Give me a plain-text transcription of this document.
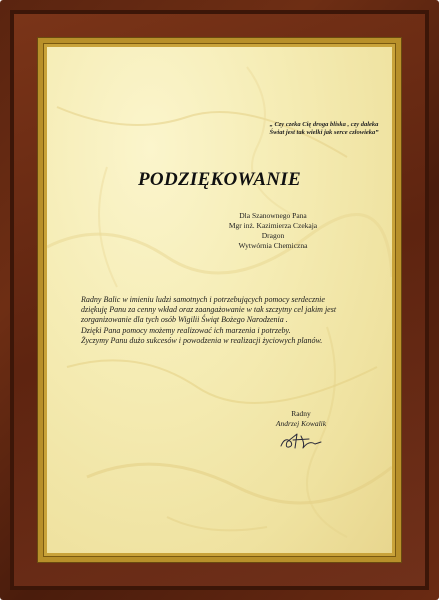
„ Czy czeka Cię droga bliska , czy daleka
Świat jest tak wielki jak serce człowieka”
PODZIĘKOWANIE
Dla Szanownego Pana
Mgr inż. Kazimierza Czekaja
Dragon
Wytwórnia Chemiczna
Radny Balic w imieniu ludzi samotnych i potrzebujących pomocy serdecznie
dziękuję Panu za cenny wkład oraz zaangażowanie w tak szczytny cel jakim jest
zorganizowanie dla tych osób Wigilii Świąt Bożego Narodzenia .
Dzięki Pana pomocy możemy realizować ich marzenia i potrzeby.
Życzymy Panu dużo sukcesów i powodzenia w realizacji życiowych planów.
Radny
Andrzej Kowalik
